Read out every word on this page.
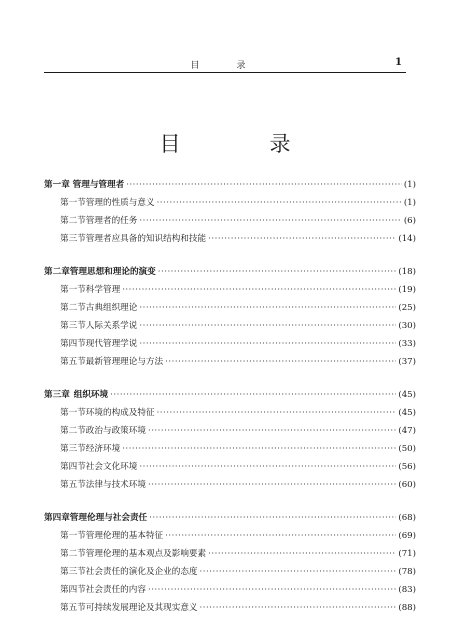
目　录	1
目　录
第一章 管理与管理者 ·····	(1)
第一节 管理的性质与意义 ·····	(1)
第二节 管理者的任务 ·····	(6)
第三节 管理者应具备的知识结构和技能 ·····	(14)
第二章 管理思想和理论的演变 ·····	(18)
第一节 科学管理 ·····	(19)
第二节 古典组织理论 ·····	(25)
第三节 人际关系学说 ·····	(30)
第四节 现代管理学说 ·····	(33)
第五节 最新管理理论与方法 ·····	(37)
第三章 组织环境 ·····	(45)
第一节 环境的构成及特征 ·····	(45)
第二节 政治与政策环境 ·····	(47)
第三节 经济环境 ·····	(50)
第四节 社会文化环境 ·····	(56)
第五节 法律与技术环境 ·····	(60)
第四章 管理伦理与社会责任 ·····	(68)
第一节 管理伦理的基本特征 ·····	(69)
第二节 管理伦理的基本观点及影响要素 ·····	(71)
第三节 社会责任的演化及企业的态度 ·····	(78)
第四节 社会责任的内容 ·····	(83)
第五节 可持续发展理论及其现实意义 ·····	(88)
